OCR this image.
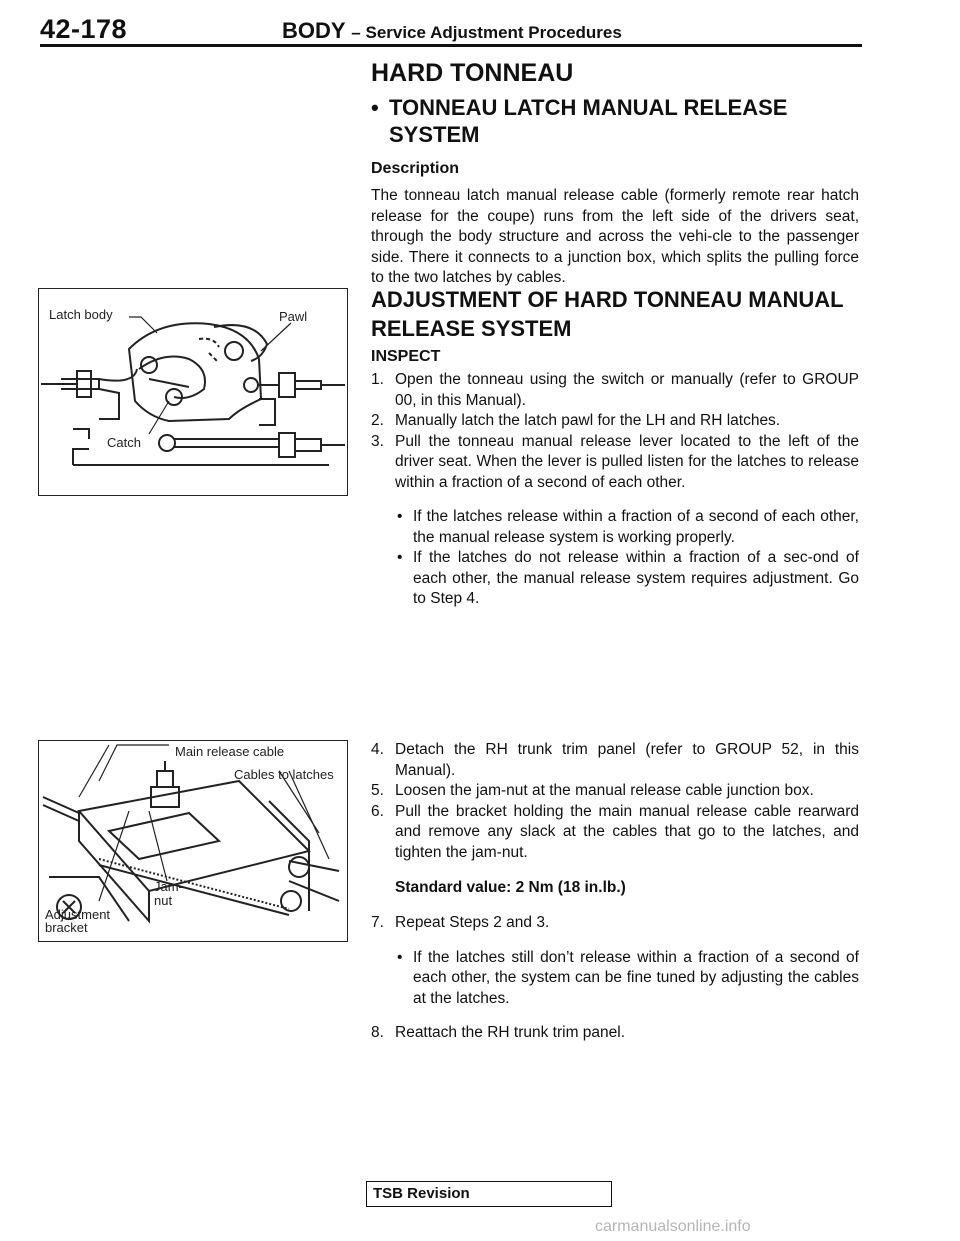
42-178	BODY – Service Adjustment Procedures
HARD TONNEAU
• TONNEAU LATCH MANUAL RELEASE
SYSTEM
Description

The tonneau latch manual release cable (formerly remote rear hatch release for the coupe) runs from the left side of the drivers seat, through the body structure and across the vehi-cle to the passenger side. There it connects to a junction box, which splits the pulling force to the two latches by cables.

ADJUSTMENT OF HARD TONNEAU MANUAL
RELEASE SYSTEM
INSPECT
1. Open the tonneau using the switch or manually (refer to GROUP 00, in this Manual).
2. Manually latch the latch pawl for the LH and RH latches.
3. Pull the tonneau manual release lever located to the left of the driver seat. When the lever is pulled listen for the latches to release within a fraction of a second of each other.
• If the latches release within a fraction of a second of each other, the manual release system is working properly.
• If the latches do not release within a fraction of a sec-ond of each other, the manual release system requires adjustment. Go to Step 4.
4. Detach the RH trunk trim panel (refer to GROUP 52, in this Manual).
5. Loosen the jam-nut at the manual release cable junction box.
6. Pull the bracket holding the main manual release cable rearward and remove any slack at the cables that go to the latches, and tighten the jam-nut.
Standard value: 2 Nm (18 in.lb.)
7. Repeat Steps 2 and 3.
• If the latches still don’t release within a fraction of a second of each other, the system can be fine tuned by adjusting the cables at the latches.
8. Reattach the RH trunk trim panel.
Latch body	Pawl
Catch
Main release cable
Cables to latches
Jam-
nut
Adjustment
bracket
TSB Revision
carmanualsonline.info
